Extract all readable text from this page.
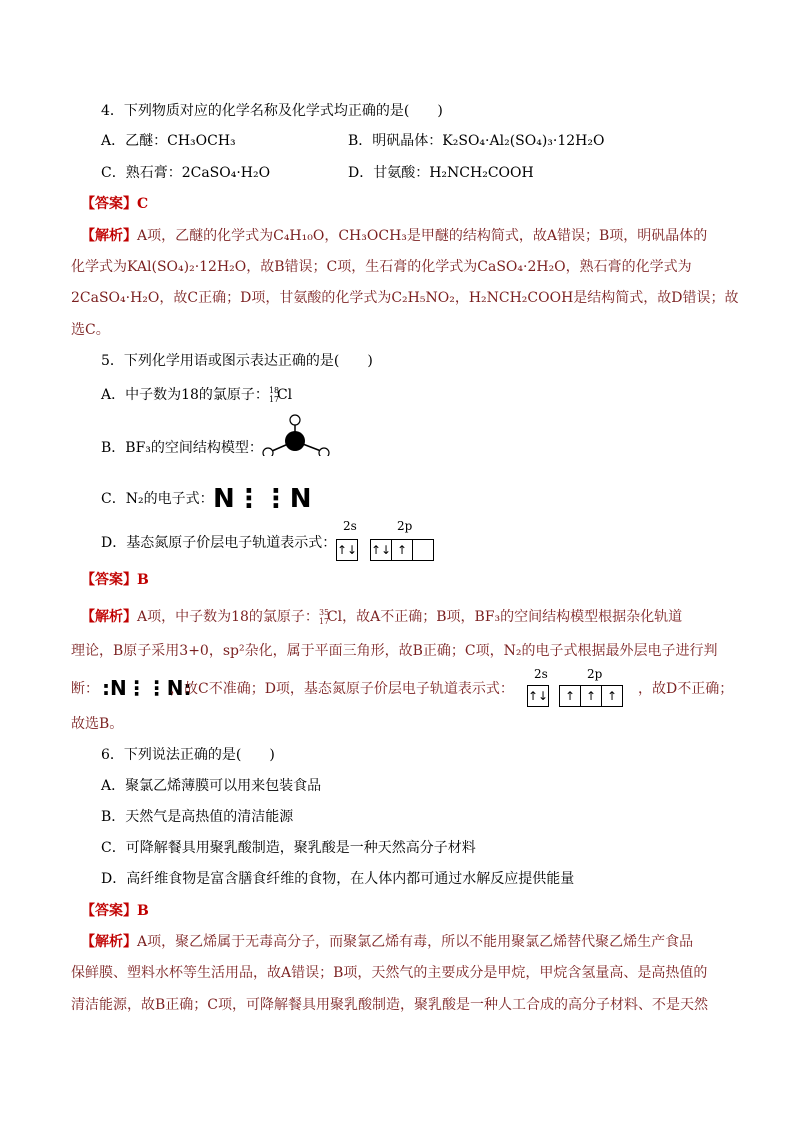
4．下列物质对应的化学名称及化学式均正确的是(　　)
A．乙醚：CH₃OCH₃	B．明矾晶体：K₂SO₄·Al₂(SO₄)₃·12H₂O
C．熟石膏：2CaSO₄·H₂O	D．甘氨酸：H₂NCH₂COOH
【答案】C
【解析】A项，乙醚的化学式为C₄H₁₀O，CH₃OCH₃是甲醚的结构简式，故A错误；B项，明矾晶体的
化学式为KAl(SO₄)₂·12H₂O，故B错误；C项，生石膏的化学式为CaSO₄·2H₂O，熟石膏的化学式为
2CaSO₄·H₂O，故C正确；D项，甘氨酸的化学式为C₂H₅NO₂，H₂NCH₂COOH是结构简式，故D错误；故
选C。
5．下列化学用语或图示表达正确的是(　　)
A．中子数为18的氯原子： 18
17
Cl
B．BF₃的空间结构模型：
C．N₂的电子式： N⋮⋮N
D．基态氮原子价层电子轨道表示式：
2s	2p
↑↓ ↑↓ ↑
【答案】B
【解析】A项，中子数为18的氯原子： 35
17
Cl，故A不正确；B项，BF₃的空间结构模型根据杂化轨道
理论，B原子采用3+0，sp²杂化，属于平面三角形，故B正确；C项，N₂的电子式根据最外层电子进行判
断： :N⋮⋮N:
，故C不准确；D项，基态氮原子价层电子轨道表示式：
2s	2p
↑↓ ↑ ↑ ↑	，故D不正确；
故选B。
6．下列说法正确的是(　　)
A．聚氯乙烯薄膜可以用来包装食品
B．天然气是高热值的清洁能源
C．可降解餐具用聚乳酸制造，聚乳酸是一种天然高分子材料
D．高纤维食物是富含膳食纤维的食物，在人体内都可通过水解反应提供能量
【答案】B
【解析】A项，聚乙烯属于无毒高分子，而聚氯乙烯有毒，所以不能用聚氯乙烯替代聚乙烯生产食品
保鲜膜、塑料水杯等生活用品，故A错误；B项，天然气的主要成分是甲烷，甲烷含氢量高、是高热值的
清洁能源，故B正确；C项，可降解餐具用聚乳酸制造，聚乳酸是一种人工合成的高分子材料、不是天然
